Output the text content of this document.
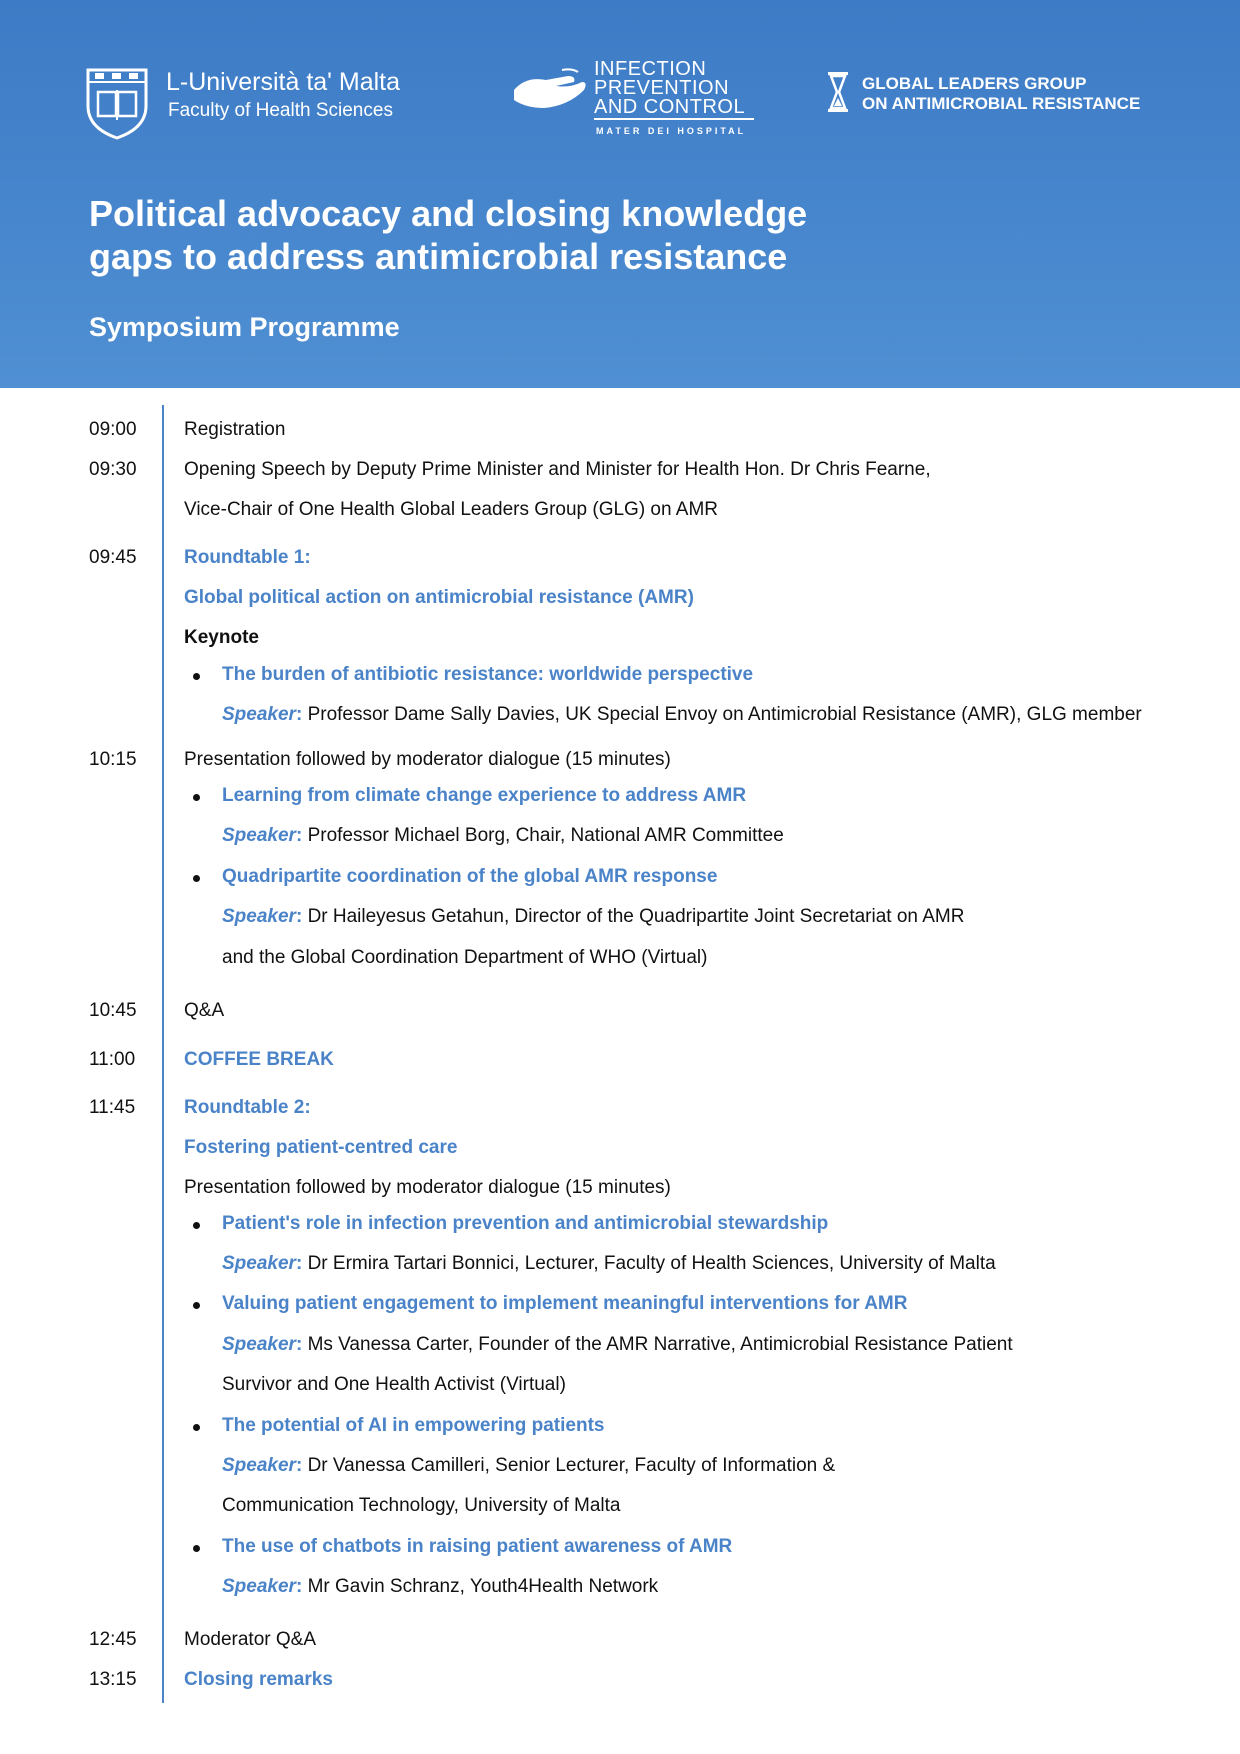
L-Università ta' Malta
Faculty of Health Sciences
INFECTION
PREVENTION
AND CONTROL
MATER DEI HOSPITAL
GLOBAL LEADERS GROUP
ON ANTIMICROBIAL RESISTANCE
Political advocacy and closing knowledge
gaps to address antimicrobial resistance
Symposium Programme
09:00 Registration
09:30 Opening Speech by Deputy Prime Minister and Minister for Health Hon. Dr Chris Fearne,
Vice-Chair of One Health Global Leaders Group (GLG) on AMR
09:45 Roundtable 1:
Global political action on antimicrobial resistance (AMR)
Keynote
The burden of antibiotic resistance: worldwide perspective
Speaker: Professor Dame Sally Davies, UK Special Envoy on Antimicrobial Resistance (AMR), GLG member
10:15 Presentation followed by moderator dialogue (15 minutes)
Learning from climate change experience to address AMR
Speaker: Professor Michael Borg, Chair, National AMR Committee
Quadripartite coordination of the global AMR response
Speaker: Dr Haileyesus Getahun, Director of the Quadripartite Joint Secretariat on AMR
and the Global Coordination Department of WHO (Virtual)
10:45 Q&A
11:00	COFFEE BREAK
11:45	Roundtable 2:
Fostering patient-centred care
Presentation followed by moderator dialogue (15 minutes)
Patient's role in infection prevention and antimicrobial stewardship
Speaker: Dr Ermira Tartari Bonnici, Lecturer, Faculty of Health Sciences, University of Malta
Valuing patient engagement to implement meaningful interventions for AMR
Speaker: Ms Vanessa Carter, Founder of the AMR Narrative, Antimicrobial Resistance Patient
Survivor and One Health Activist (Virtual)
The potential of AI in empowering patients
Speaker: Dr Vanessa Camilleri, Senior Lecturer, Faculty of Information &
Communication Technology, University of Malta
The use of chatbots in raising patient awareness of AMR
Speaker: Mr Gavin Schranz, Youth4Health Network
12:45 Moderator Q&A
13:15 Closing remarks
